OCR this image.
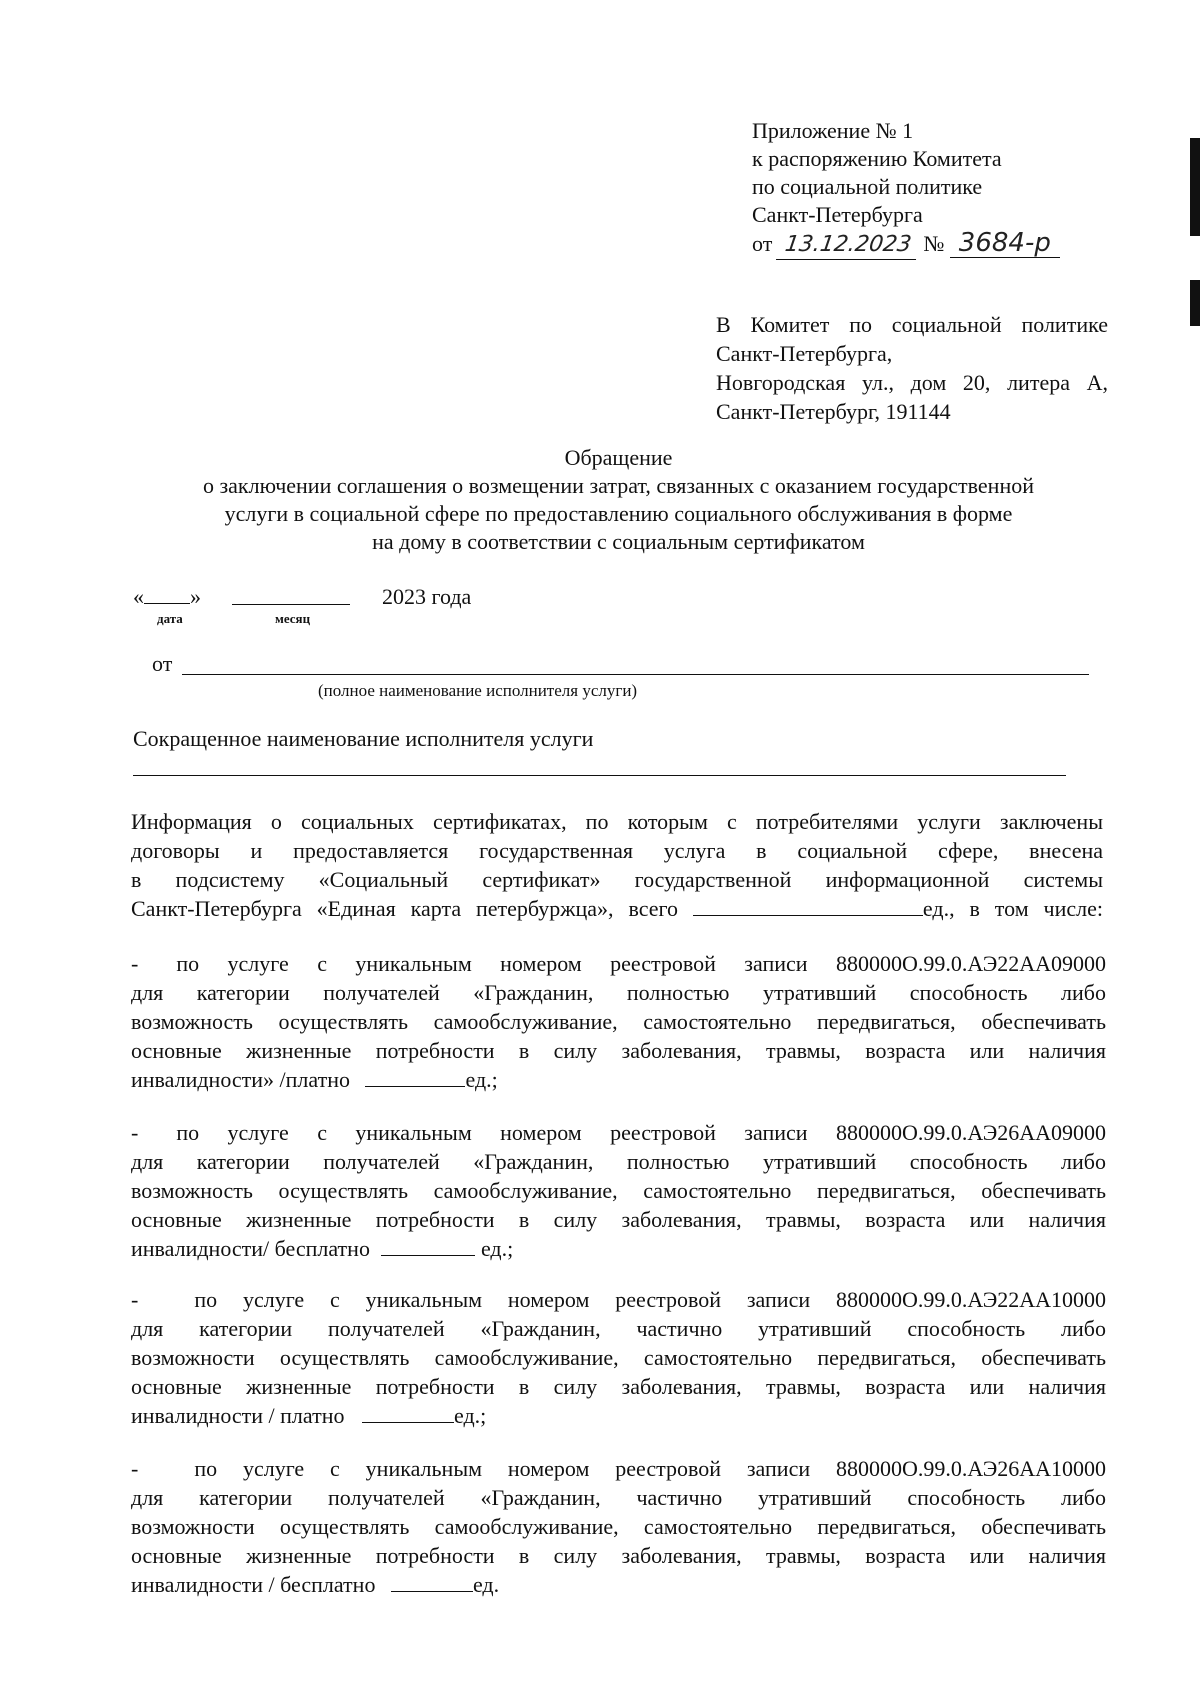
Приложение № 1
к распоряжению Комитета
по социальной политике
Санкт-Петербурга
от 13.12.2023 № 3684-р
В Комитет по социальной политике
Санкт-Петербурга,
Новгородская ул., дом 20, литера А,
Санкт-Петербург, 191144
Обращение
о заключении соглашения о возмещении затрат, связанных с оказанием государственной
услуги в социальной сфере по предоставлению социального обслуживания в форме
на дому в соответствии с социальным сертификатом
« »	2023 года
дата	месяц
от
(полное наименование исполнителя услуги)
Сокращенное наименование исполнителя услуги

Информация о социальных сертификатах, по которым с потребителями услуги заключены

договоры и предоставляется государственная услуга в социальной сфере, внесена

в подсистему «Социальный сертификат» государственной информационной системы

Санкт-Петербурга «Единая карта петербуржца», всего	ед., в том числе:

- по услуге с уникальным номером реестровой записи 880000О.99.0.АЭ22АА09000

для категории получателей «Гражданин, полностью утративший способность либо

возможность осуществлять самообслуживание, самостоятельно передвигаться, обеспечивать

основные жизненные потребности в силу заболевания, травмы, возраста или наличия

инвалидности» /платно	ед.;

- по услуге с уникальным номером реестровой записи 880000О.99.0.АЭ26АА09000

для категории получателей «Гражданин, полностью утративший способность либо

возможность осуществлять самообслуживание, самостоятельно передвигаться, обеспечивать

основные жизненные потребности в силу заболевания, травмы, возраста или наличия

инвалидности/ бесплатно	ед.;

-	по услуге с уникальным номером реестровой записи 880000О.99.0.АЭ22АА10000

для категории получателей «Гражданин, частично утративший способность либо

возможности осуществлять самообслуживание, самостоятельно передвигаться, обеспечивать

основные жизненные потребности в силу заболевания, травмы, возраста или наличия

инвалидности / платно	ед.;

-	по услуге с уникальным номером реестровой записи 880000О.99.0.АЭ26АА10000

для категории получателей «Гражданин, частично утративший способность либо

возможности осуществлять самообслуживание, самостоятельно передвигаться, обеспечивать

основные жизненные потребности в силу заболевания, травмы, возраста или наличия

инвалидности / бесплатно	ед.
